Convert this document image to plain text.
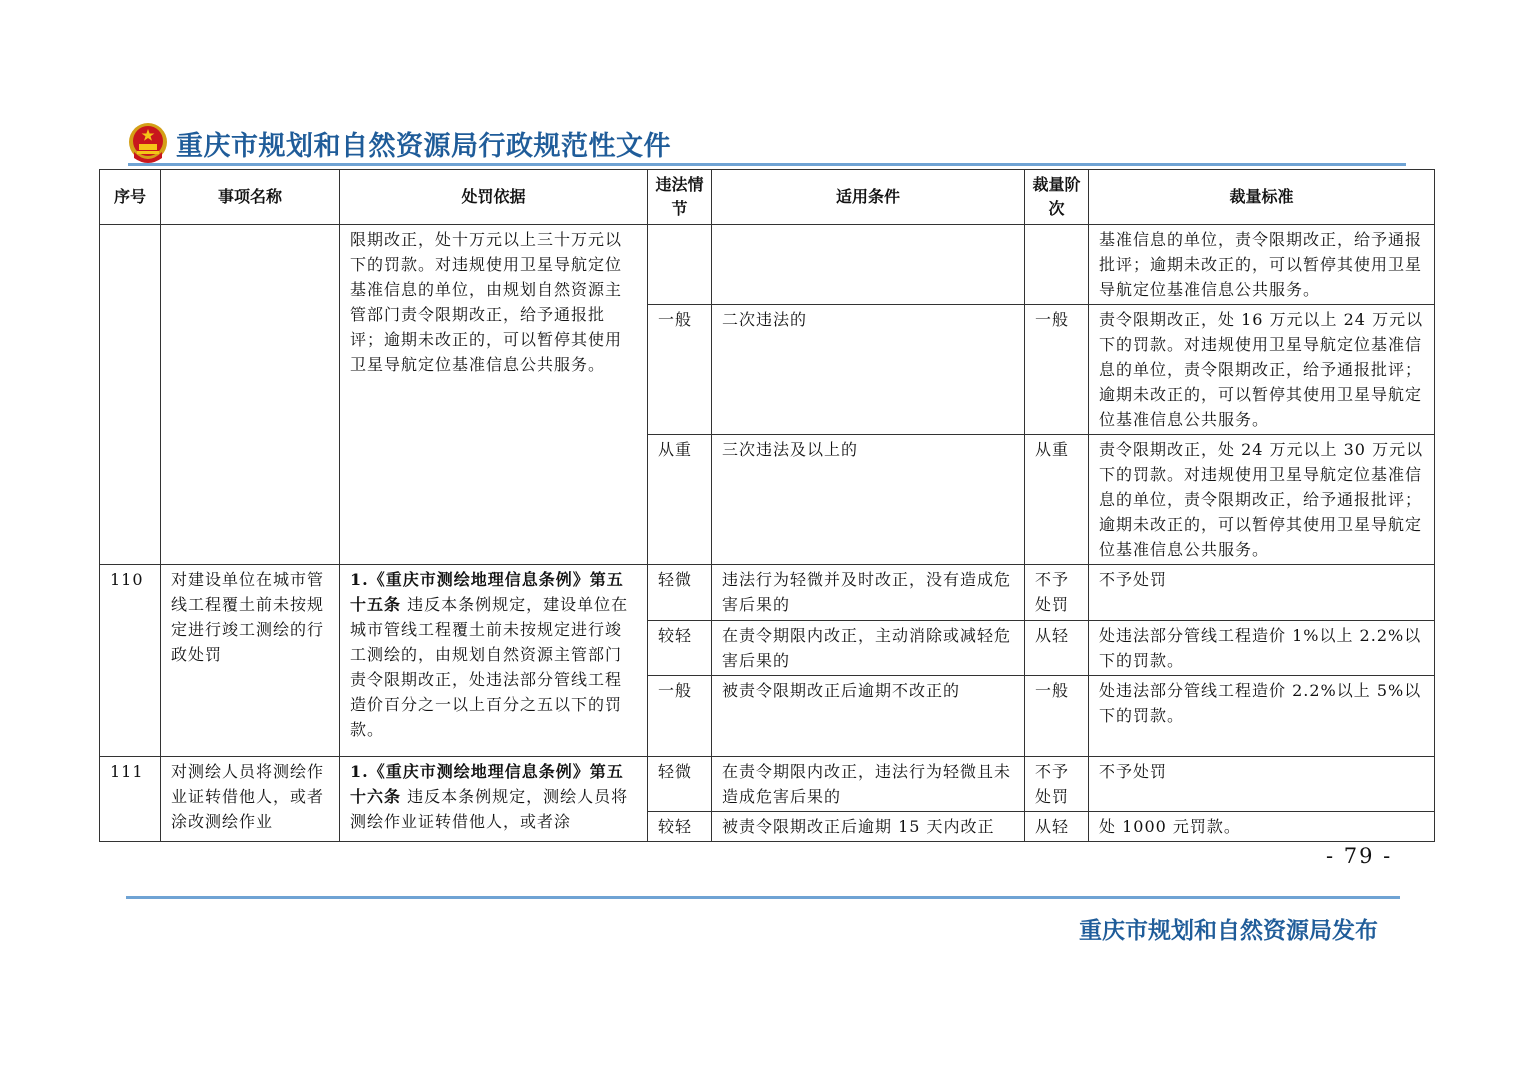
重庆市规划和自然资源局行政规范性文件
序号	事项名称	处罚依据	违法情节	适用条件	裁量阶次	裁量标准
		限期改正，处十万元以上三十万元以下的罚款。对违规使用卫星导航定位基准信息的单位，由规划自然资源主管部门责令限期改正，给予通报批评；逾期未改正的，可以暂停其使用卫星导航定位基准信息公共服务。				基准信息的单位，责令限期改正，给予通报批评；逾期未改正的，可以暂停其使用卫星导航定位基准信息公共服务。
			一般	二次违法的	一般	责令限期改正，处 16 万元以上 24 万元以下的罚款。对违规使用卫星导航定位基准信息的单位，责令限期改正，给予通报批评；逾期未改正的，可以暂停其使用卫星导航定位基准信息公共服务。
			从重	三次违法及以上的	从重	责令限期改正，处 24 万元以上 30 万元以下的罚款。对违规使用卫星导航定位基准信息的单位，责令限期改正，给予通报批评；逾期未改正的，可以暂停其使用卫星导航定位基准信息公共服务。
110	对建设单位在城市管线工程覆土前未按规定进行竣工测绘的行政处罚	1.《重庆市测绘地理信息条例》第五十五条 违反本条例规定，建设单位在城市管线工程覆土前未按规定进行竣工测绘的，由规划自然资源主管部门责令限期改正，处违法部分管线工程造价百分之一以上百分之五以下的罚款。	轻微	违法行为轻微并及时改正，没有造成危害后果的	不予处罚	不予处罚
			较轻	在责令期限内改正，主动消除或减轻危害后果的	从轻	处违法部分管线工程造价 1%以上 2.2%以下的罚款。
			一般	被责令限期改正后逾期不改正的	一般	处违法部分管线工程造价 2.2%以上 5%以下的罚款。
111	对测绘人员将测绘作业证转借他人，或者涂改测绘作业	1.《重庆市测绘地理信息条例》第五十六条 违反本条例规定，测绘人员将测绘作业证转借他人，或者涂	轻微	在责令期限内改正，违法行为轻微且未造成危害后果的	不予处罚	不予处罚
			较轻	被责令限期改正后逾期 15 天内改正	从轻	处 1000 元罚款。
- 79 -
重庆市规划和自然资源局发布
